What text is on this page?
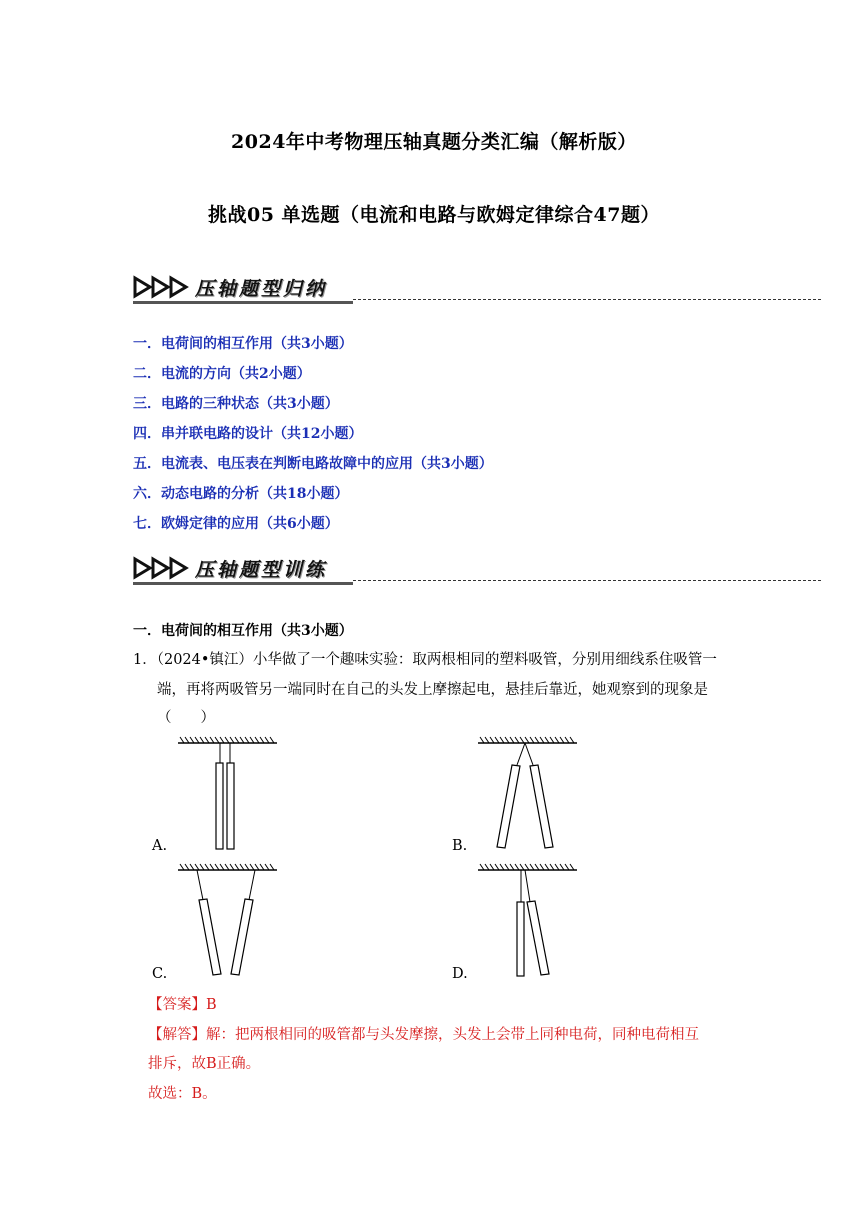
2024年中考物理压轴真题分类汇编（解析版）
挑战05 单选题（电流和电路与欧姆定律综合47题）
压轴题型归纳
一．电荷间的相互作用（共3小题）
二．电流的方向（共2小题）
三．电路的三种状态（共3小题）
四．串并联电路的设计（共12小题）
五．电流表、电压表在判断电路故障中的应用（共3小题）
六．动态电路的分析（共18小题）
七．欧姆定律的应用（共6小题）
压轴题型训练
一．电荷间的相互作用（共3小题）
1．（2024•镇江）小华做了一个趣味实验：取两根相同的塑料吸管，分别用细线系住吸管一
端，再将两吸管另一端同时在自己的头发上摩擦起电，悬挂后靠近，她观察到的现象是
（　　）
A.	B.
C.	D.
【答案】B
【解答】解：把两根相同的吸管都与头发摩擦，头发上会带上同种电荷，同种电荷相互
排斥，故B正确。
故选：B。
